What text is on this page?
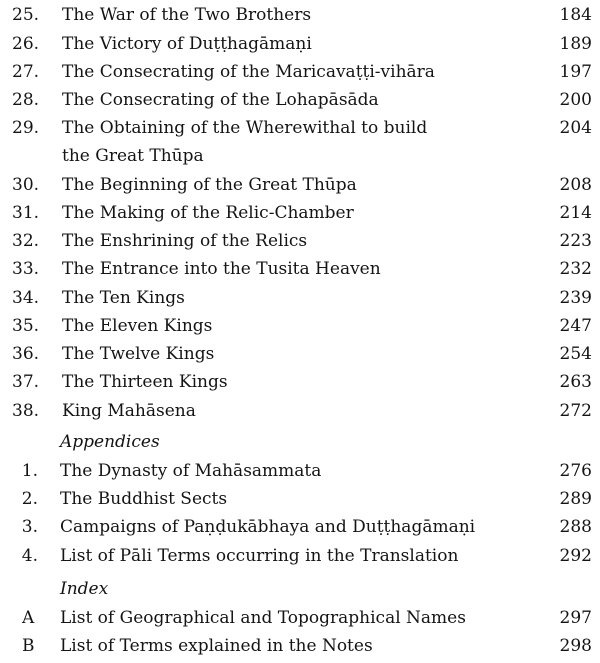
25.	The War of the Two Brothers	184
26.	The Victory of Duṭṭhagāmaṇi	189
27.	The Consecrating of the Maricavaṭṭi-vihāra	197
28.	The Consecrating of the Lohapāsāda	200
29.	The Obtaining of the Wherewithal to build	204
the Great Thūpa
30.	The Beginning of the Great Thūpa	208
31.	The Making of the Relic-Chamber	214
32.	The Enshrining of the Relics	223
33.	The Entrance into the Tusita Heaven	232
34.	The Ten Kings	239
35.	The Eleven Kings	247
36.	The Twelve Kings	254
37.	The Thirteen Kings	263
38.	King Mahāsena	272
Appendices
1. The Dynasty of Mahāsammata	276
2. The Buddhist Sects	289
3. Campaigns of Paṇḍukābhaya and Duṭṭhagāmaṇi	288
4. List of Pāli Terms occurring in the Translation	292
Index
A	List of Geographical and Topographical Names	297
B	List of Terms explained in the Notes	298
